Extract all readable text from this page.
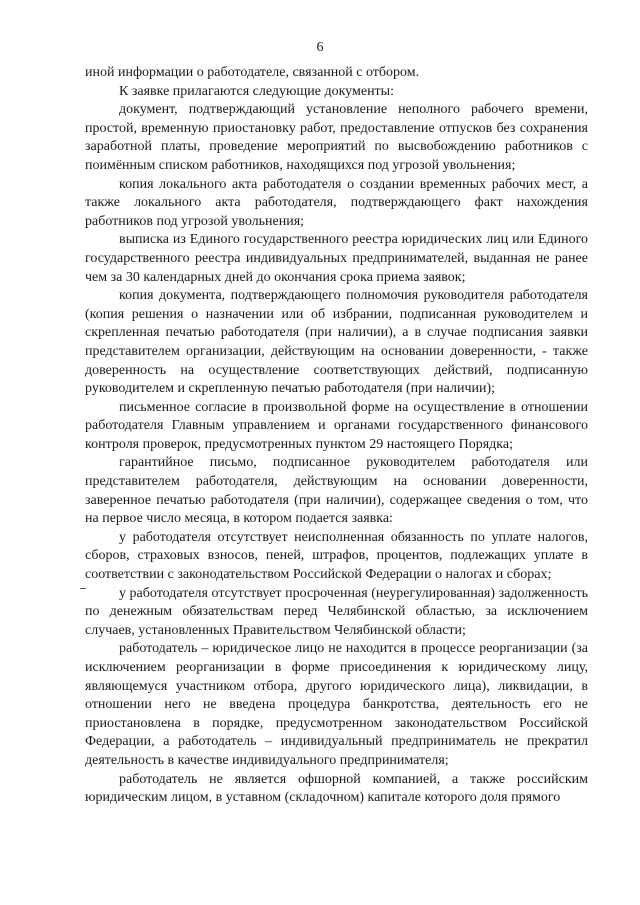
6

иной информации о работодателе, связанной с отбором.

К заявке прилагаются следующие документы:

документ, подтверждающий установление неполного рабочего времени, простой, временную приостановку работ, предоставление отпусков без сохранения заработной платы, проведение мероприятий по высвобождению работников с поимённым списком работников, находящихся под угрозой увольнения;

копия локального акта работодателя о создании временных рабочих мест, а также локального акта работодателя, подтверждающего факт нахождения работников под угрозой увольнения;

выписка из Единого государственного реестра юридических лиц или Единого государственного реестра индивидуальных предпринимателей, выданная не ранее чем за 30 календарных дней до окончания срока приема заявок;

копия документа, подтверждающего полномочия руководителя работодателя (копия решения о назначении или об избрании, подписанная руководителем и скрепленная печатью работодателя (при наличии), а в случае подписания заявки представителем организации, действующим на основании доверенности, - также доверенность на осуществление соответствующих действий, подписанную руководителем и скрепленную печатью работодателя (при наличии);

письменное согласие в произвольной форме на осуществление в отношении работодателя Главным управлением и органами государственного финансового контроля проверок, предусмотренных пунктом 29 настоящего Порядка;

гарантийное письмо, подписанное руководителем работодателя или представителем работодателя, действующим на основании доверенности, заверенное печатью работодателя (при наличии), содержащее сведения о том, что на первое число месяца, в котором подается заявка:

у работодателя отсутствует неисполненная обязанность по уплате налогов, сборов, страховых взносов, пеней, штрафов, процентов, подлежащих уплате в соответствии с законодательством Российской Федерации о налогах и сборах;

у работодателя отсутствует просроченная (неурегулированная) задолженность по денежным обязательствам перед Челябинской областью, за исключением случаев, установленных Правительством Челябинской области;

работодатель – юридическое лицо не находится в процессе реорганизации (за исключением реорганизации в форме присоединения к юридическому лицу, являющемуся участником отбора, другого юридического лица), ликвидации, в отношении него не введена процедура банкротства, деятельность его не приостановлена в порядке, предусмотренном законодательством Российской Федерации, а работодатель – индивидуальный предприниматель не прекратил деятельность в качестве индивидуального предпринимателя;

работодатель не является офшорной компанией, а также российским юридическим лицом, в уставном (складочном) капитале которого доля прямого
